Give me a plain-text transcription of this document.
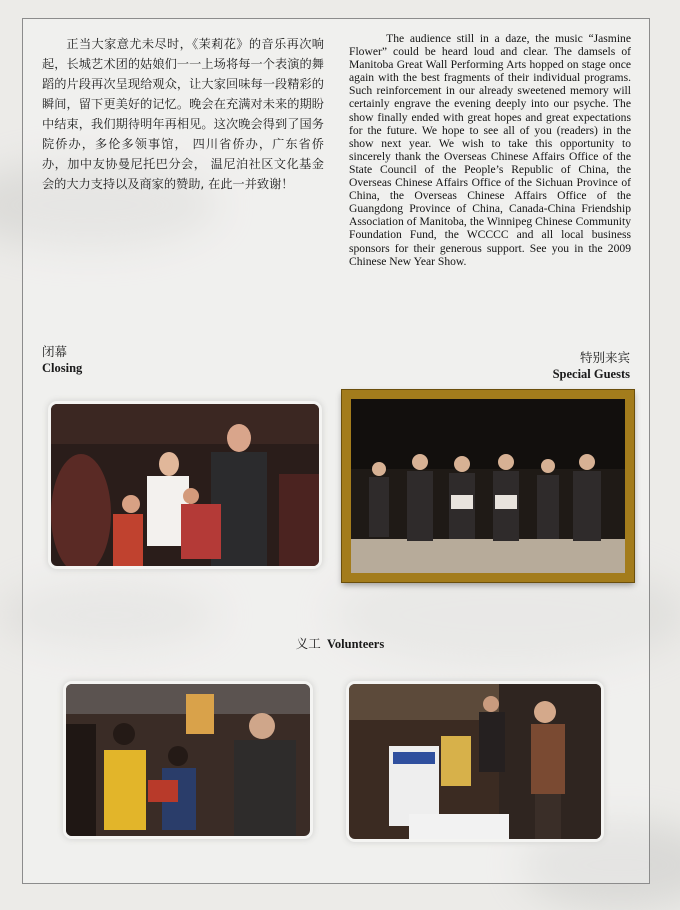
正当大家意尤未尽时，《茉莉花》的音乐再次响起，长城艺术团的姑娘们一一上场将每一个表演的舞蹈的片段再次呈现给观众，让大家回味每一段精彩的瞬间，留下更美好的记忆。晚会在充满对未来的期盼中结束，我们期待明年再相见。这次晚会得到了国务院侨办，多伦多领事馆， 四川省侨办，广东省侨办，加中友协曼尼托巴分会， 温尼泊社区文化基金会的大力支持以及商家的赞助, 在此一并致谢！
The audience still in a daze, the music “Jasmine Flower” could be heard loud and clear. The damsels of Manitoba Great Wall Performing Arts hopped on stage once again with the best fragments of their individual programs. Such reinforcement in our already sweetened memory will certainly engrave the evening deeply into our psyche. The show finally ended with great hopes and great expectations for the future. We hope to see all of you (readers) in the show next year. We wish to take this opportunity to sincerely thank the Overseas Chinese Affairs Office of the State Council of the People’s Republic of China, the Overseas Chinese Affairs Office of the Sichuan Province of China, the Overseas Chinese Affairs Office of the Guangdong Province of China, Canada-China Friendship Association of Manitoba, the Winnipeg Chinese Community Foundation Fund, the WCCCC and all local business sponsors for their generous support. See you in the 2009 Chinese New Year Show.
闭幕
Closing
特别来宾
Special Guests
义工 Volunteers
